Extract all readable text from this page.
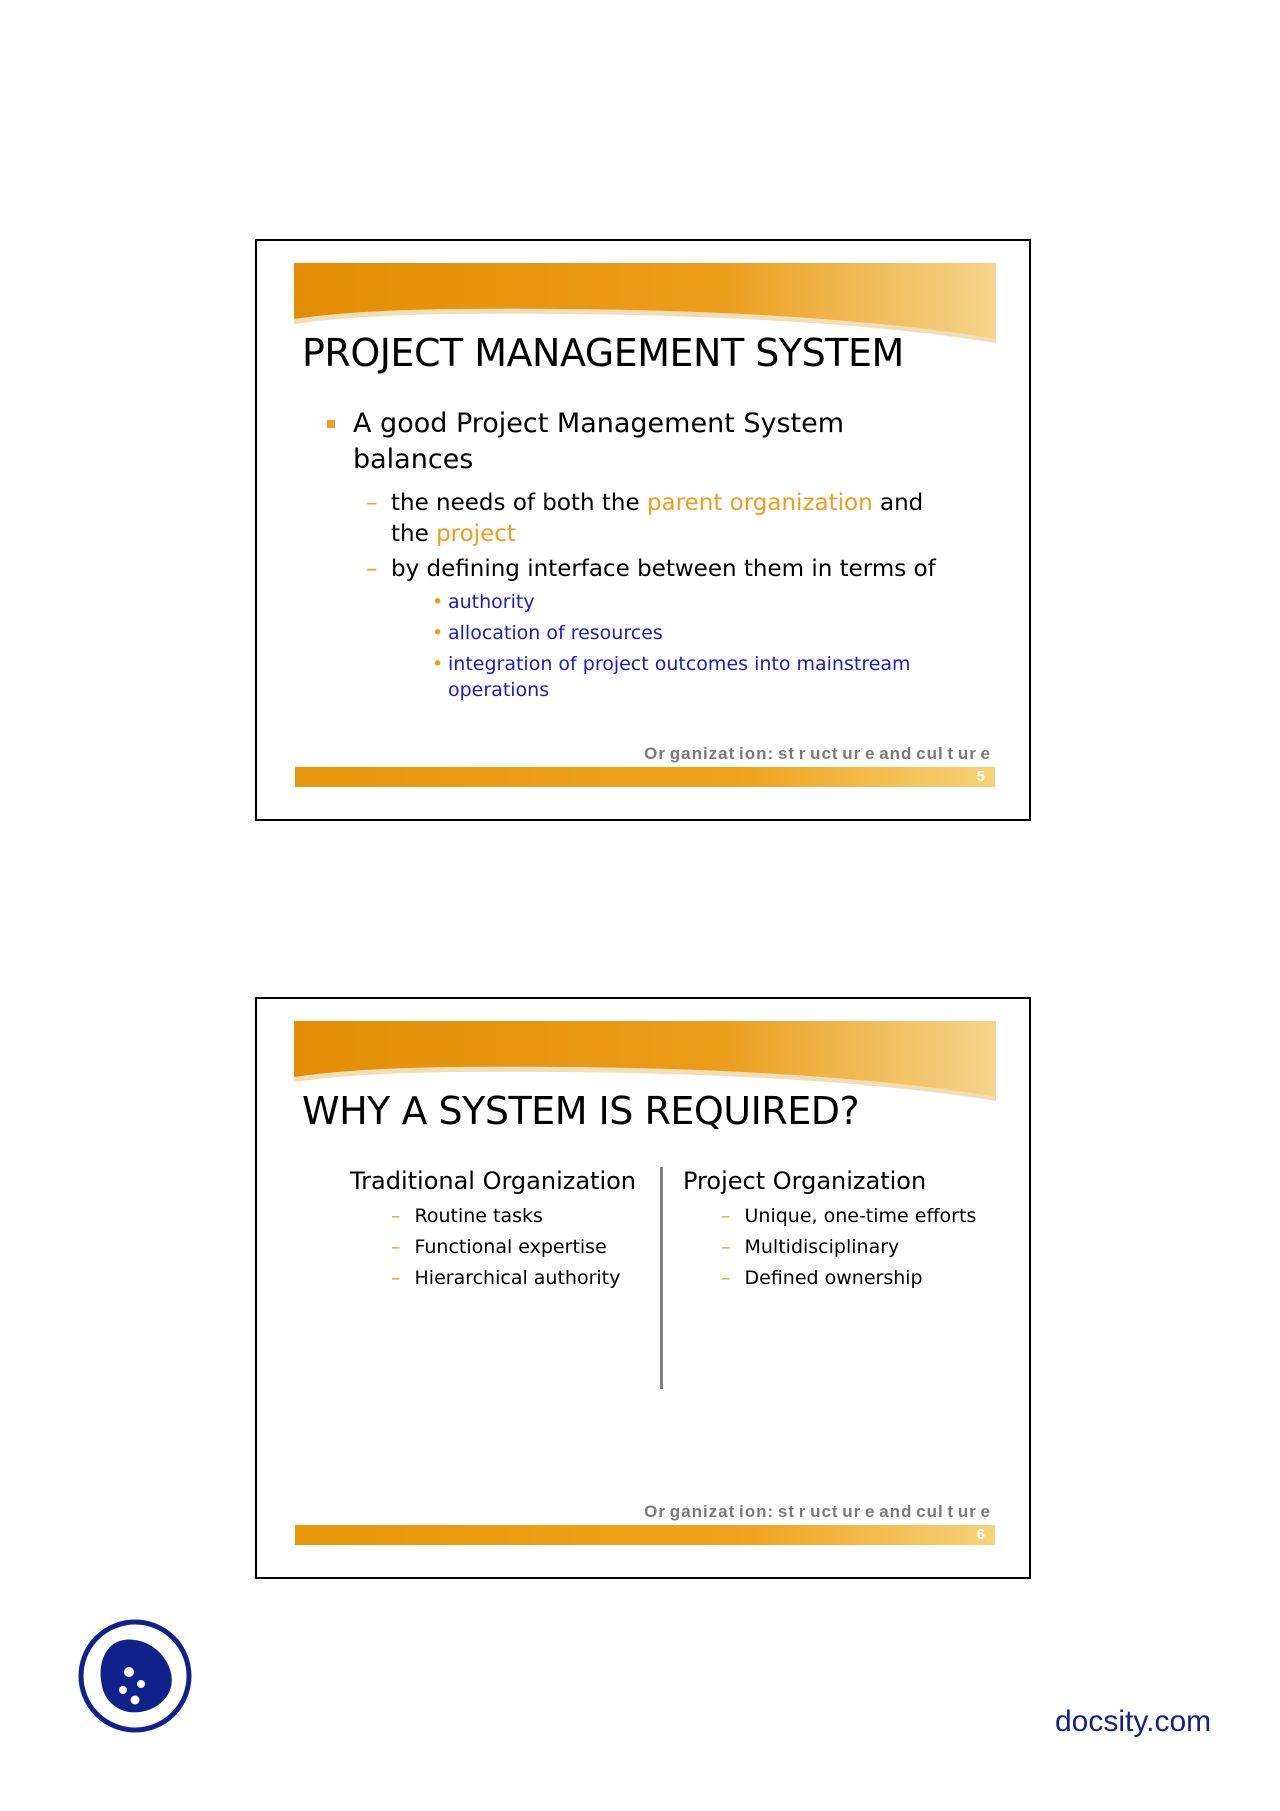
PROJECT MANAGEMENT SYSTEM
A good Project Management System balances
– the needs of both the parent organization and the project
– by defining interface between them in terms of
• authority
• allocation of resources
• integration of project outcomes into mainstream operations
Or ganizat ion: st r uct ur e and cul t ur e
5
WHY A SYSTEM IS REQUIRED?
Traditional Organization
– Routine tasks
– Functional expertise
– Hierarchical authority
Project Organization
– Unique, one-time efforts
– Multidisciplinary
– Defined ownership
Or ganizat ion: st r uct ur e and cul t ur e
6
docsity.com
